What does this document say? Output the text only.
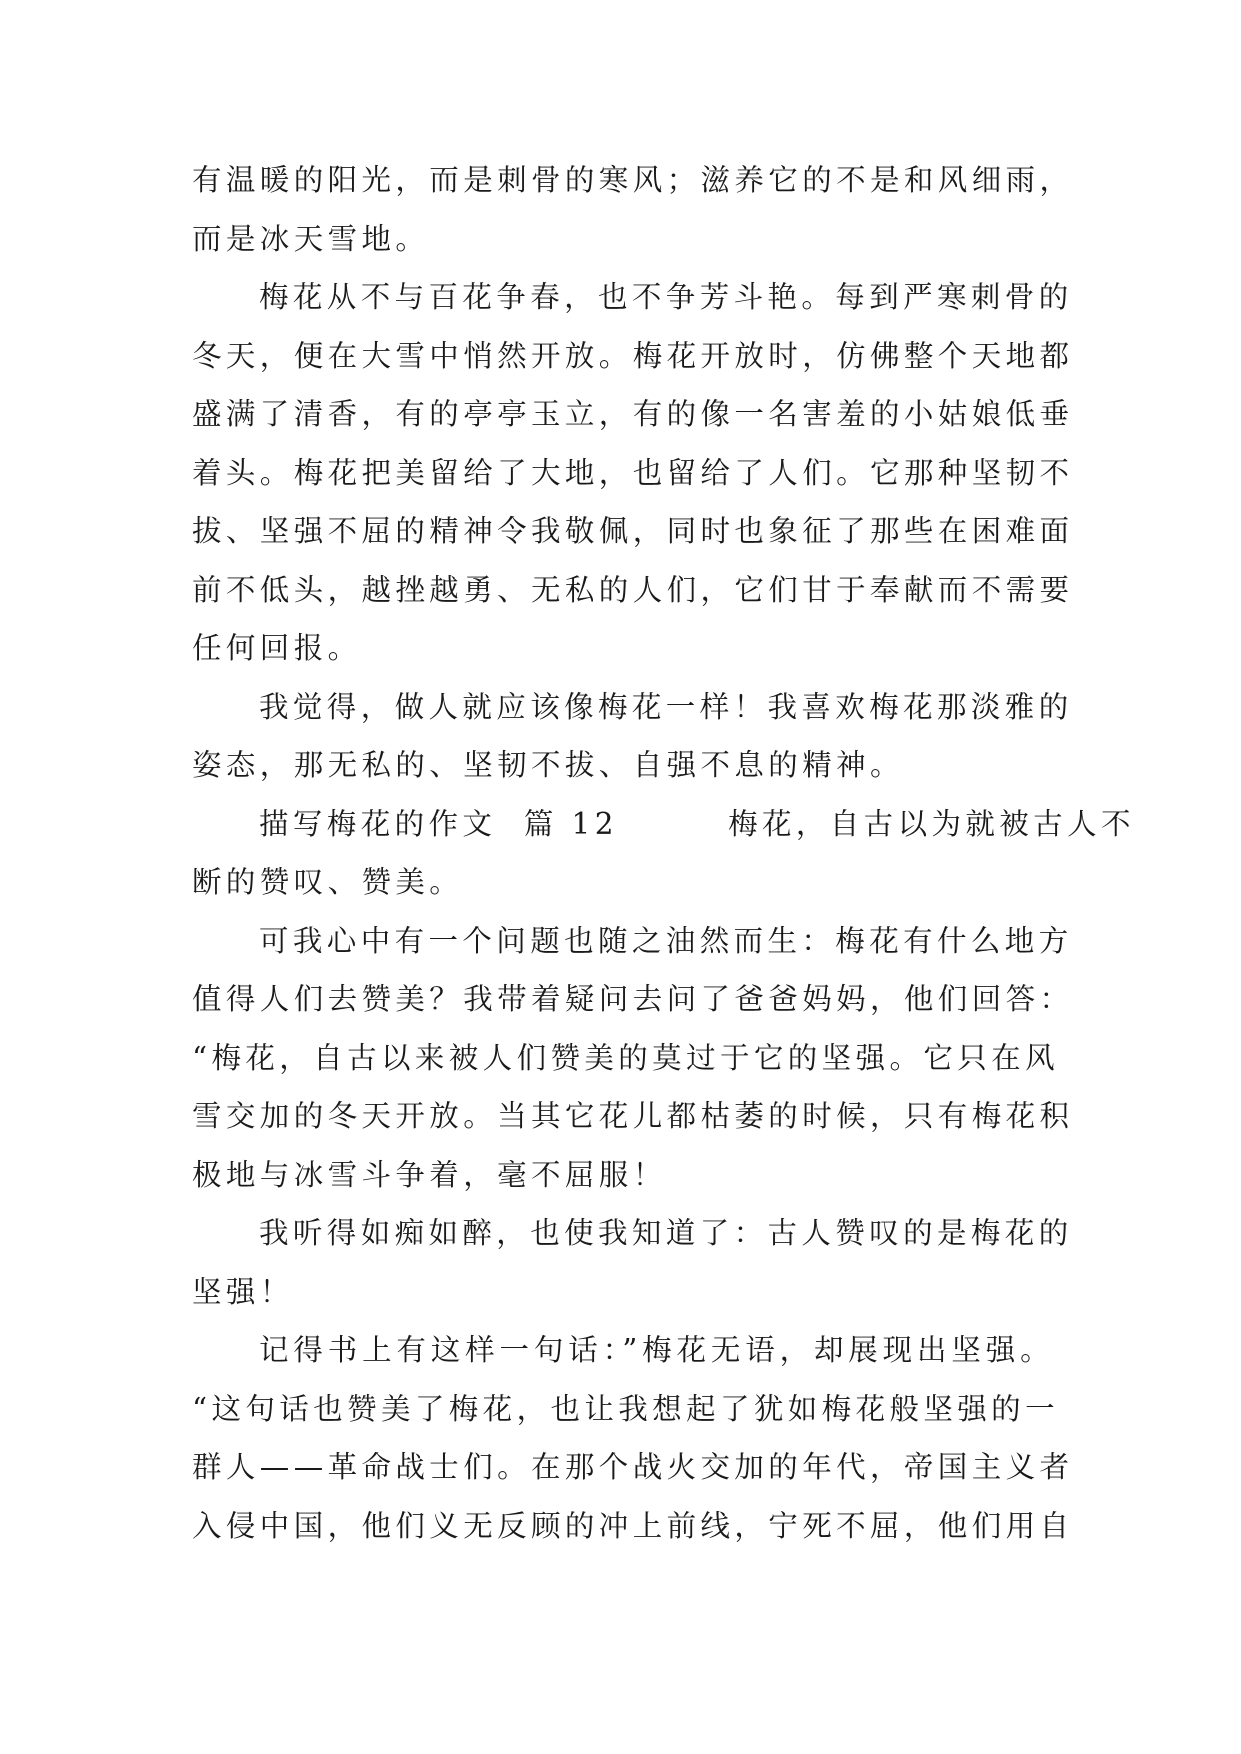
有温暖的阳光，而是刺骨的寒风；滋养它的不是和风细雨，
而是冰天雪地。
梅花从不与百花争春，也不争芳斗艳。每到严寒刺骨的
冬天，便在大雪中悄然开放。梅花开放时，仿佛整个天地都
盛满了清香，有的亭亭玉立，有的像一名害羞的小姑娘低垂
着头。梅花把美留给了大地，也留给了人们。它那种坚韧不
拔、坚强不屈的精神令我敬佩，同时也象征了那些在困难面
前不低头，越挫越勇、无私的人们，它们甘于奉献而不需要
任何回报。
我觉得，做人就应该像梅花一样！我喜欢梅花那淡雅的
姿态，那无私的、坚韧不拔、自强不息的精神。
描写梅花的作文  篇 12        梅花，自古以为就被古人不
断的赞叹、赞美。
可我心中有一个问题也随之油然而生：梅花有什么地方
值得人们去赞美？我带着疑问去问了爸爸妈妈，他们回答：
“梅花，自古以来被人们赞美的莫过于它的坚强。它只在风
雪交加的冬天开放。当其它花儿都枯萎的时候，只有梅花积
极地与冰雪斗争着，毫不屈服！
我听得如痴如醉，也使我知道了：古人赞叹的是梅花的
坚强！
记得书上有这样一句话：”梅花无语，却展现出坚强。
“这句话也赞美了梅花，也让我想起了犹如梅花般坚强的一
群人——革命战士们。在那个战火交加的年代，帝国主义者
入侵中国，他们义无反顾的冲上前线，宁死不屈，他们用自
